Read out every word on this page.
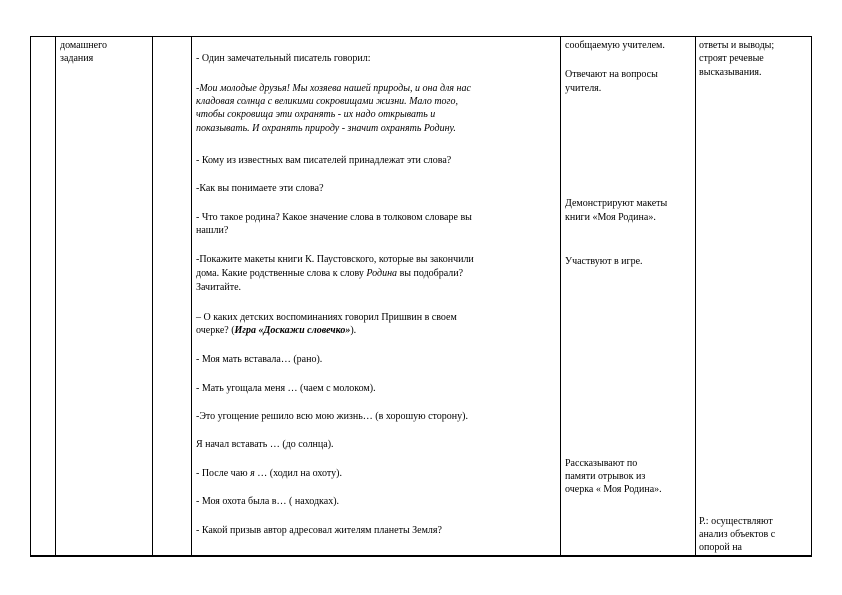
домашнего
задания	- Один замечательный писатель говорил:
-Мои молодые друзья! Мы хозяева нашей природы, и она для нас
кладовая солнца с великими сокровищами жизни. Мало того,
чтобы сокровища эти охранять - их надо открывать и
показывать. И охранять природу - значит охранять Родину.
- Кому из известных вам писателей принадлежат эти слова?
-Как вы понимаете эти слова?
- Что такое родина? Какое значение слова в толковом словаре вы
нашли?
-Покажите макеты книги К. Паустовского, которые вы закончили
дома. Какие родственные слова к слову Родина вы подобрали?
Зачитайте.
– О каких детских воспоминаниях говорил Пришвин в своем
очерке? (Игра «Доскажи словечко»).
- Моя мать вставала… (рано).
- Мать угощала меня … (чаем с молоком).
-Это угощение решило всю мою жизнь… (в хорошую сторону).
Я начал вставать … (до солнца).
- После чаю я … (ходил на охоту).
- Моя охота была в… ( находках).
- Какой призыв автор адресовал жителям планеты Земля?
сообщаемую учителем.
Отвечают на вопросы
учителя.
Демонстрируют макеты
книги «Моя Родина».
Участвуют в игре.
Рассказывают по
памяти отрывок из
очерка « Моя Родина».
ответы и выводы;
строят речевые
высказывания.
Р.: осуществляют
анализ объектов с
опорой на
